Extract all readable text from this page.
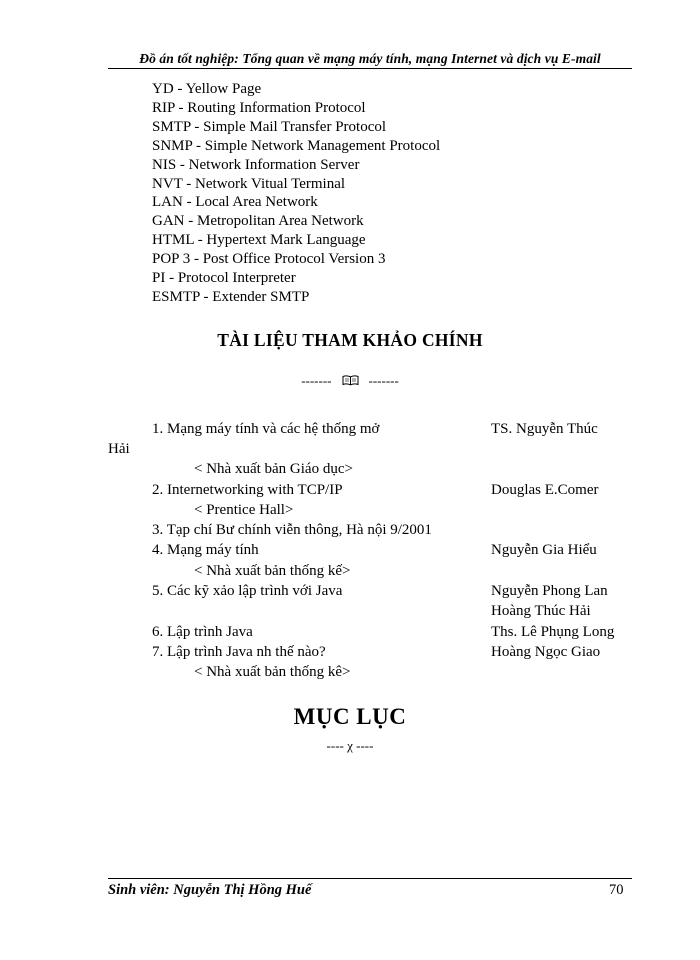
Đồ án tốt nghiệp: Tổng quan về mạng máy tính, mạng Internet và dịch vụ E-mail
YD - Yellow Page
RIP - Routing Information Protocol
SMTP - Simple Mail Transfer Protocol
SNMP - Simple Network Management Protocol
NIS - Network Information Server
NVT - Network Vitual Terminal
LAN - Local Area Network
GAN - Metropolitan Area Network
HTML - Hypertext Mark Language
POP 3 - Post Office Protocol Version 3
PI - Protocol Interpreter
ESMTP - Extender SMTP
TÀI LIỆU THAM KHẢO CHÍNH
-------	-------
1. Mạng máy tính và các hệ thống mở	TS. Nguyễn Thúc
Hải
< Nhà xuất bản Giáo dục>
2. Internetworking with TCP/IP	Douglas E.Comer
< Prentice Hall>
3. Tạp chí Bư chính viễn thông, Hà nội 9/2001
4. Mạng máy tính	Nguyễn Gia Hiểu
< Nhà xuất bản thống kế>
5. Các kỹ xảo lập trình với Java	Nguyễn Phong Lan
Hoàng Thúc Hải
6. Lập trình Java	Ths. Lê Phụng Long
7. Lập trình Java nh thế nào?	Hoàng Ngọc Giao
< Nhà xuất bản thống kê>
MỤC LỤC
---- χ ----
Sinh viên: Nguyễn Thị Hồng Huế	70
